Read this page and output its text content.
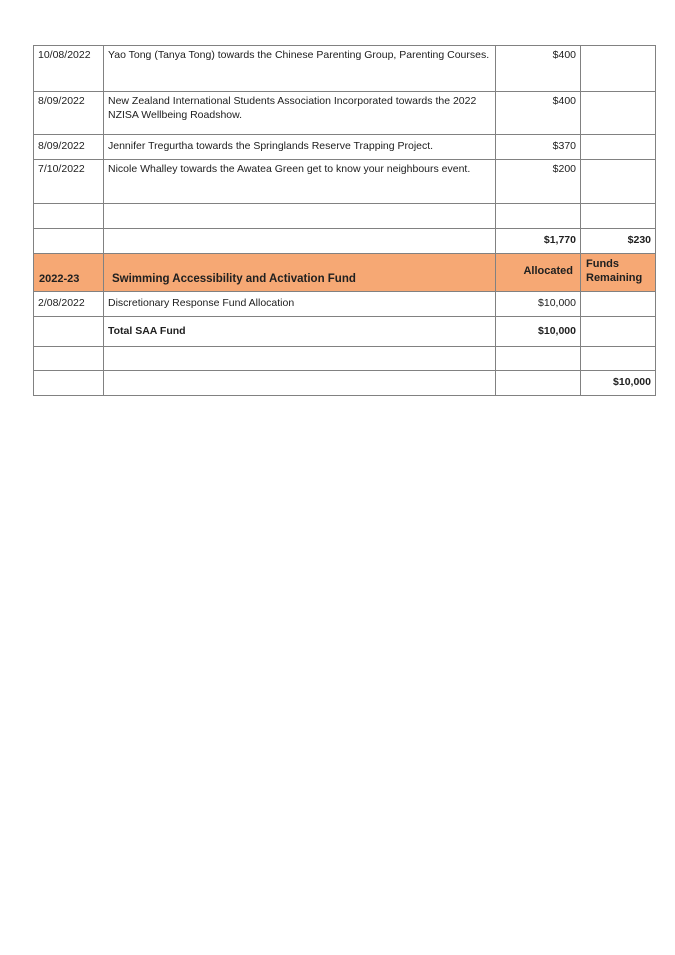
10/08/2022	Yao Tong (Tanya Tong) towards the Chinese Parenting Group, Parenting Courses.	$400	
8/09/2022	New Zealand International Students Association Incorporated towards the 2022 NZISA Wellbeing Roadshow.	$400	
8/09/2022	Jennifer Tregurtha towards the Springlands Reserve Trapping Project.	$370	
7/10/2022	Nicole Whalley towards the Awatea Green get to know your neighbours event.	$200	

		$1,770	$230
2022-23	Swimming Accessibility and Activation Fund	Allocated	Funds Remaining
2/08/2022	Discretionary Response Fund Allocation	$10,000	
	Total SAA Fund	$10,000	

			$10,000
